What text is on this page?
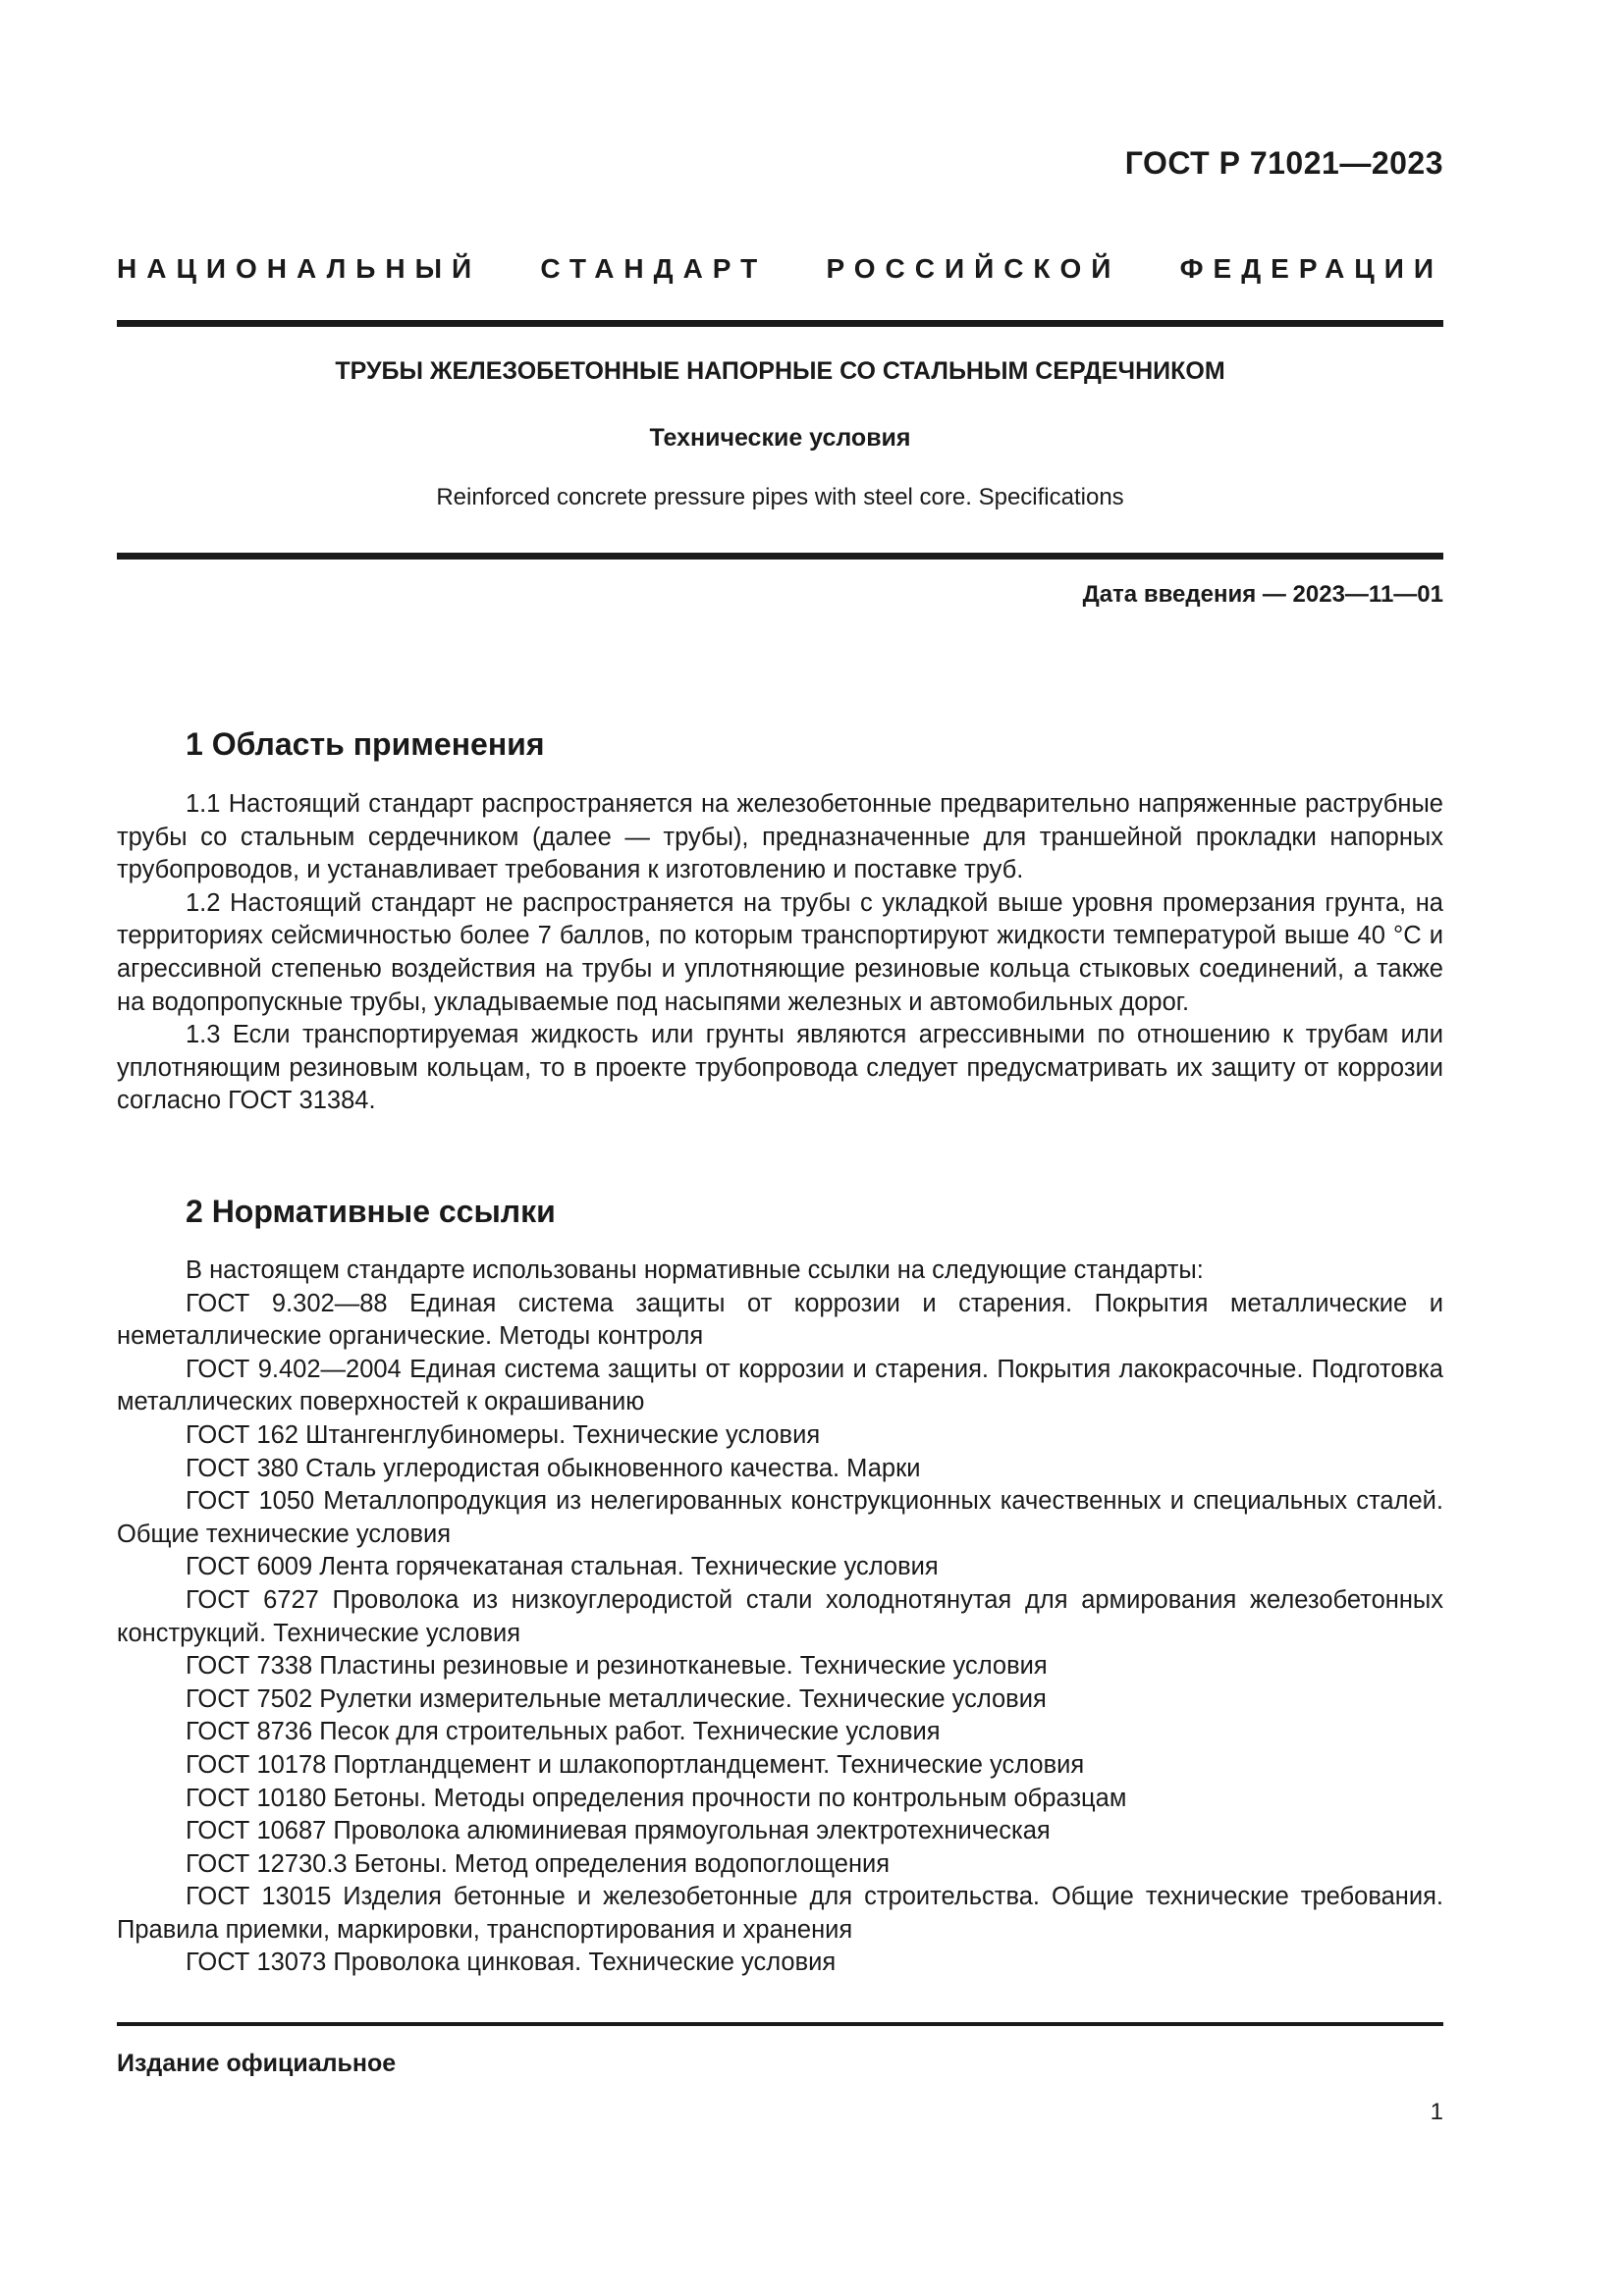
ГОСТ Р 71021—2023
НАЦИОНАЛЬНЫЙ СТАНДАРТ РОССИЙСКОЙ ФЕДЕРАЦИИ
ТРУБЫ ЖЕЛЕЗОБЕТОННЫЕ НАПОРНЫЕ СО СТАЛЬНЫМ СЕРДЕЧНИКОМ
Технические условия
Reinforced concrete pressure pipes with steel core. Specifications
Дата введения — 2023—11—01
1 Область применения

1.1 Настоящий стандарт распространяется на железобетонные предварительно напряженные раструбные трубы со стальным сердечником (далее — трубы), предназначенные для траншейной прокладки напорных трубопроводов, и устанавливает требования к изготовлению и поставке труб.

1.2 Настоящий стандарт не распространяется на трубы с укладкой выше уровня промерзания грунта, на территориях сейсмичностью более 7 баллов, по которым транспортируют жидкости температурой выше 40 °С и агрессивной степенью воздействия на трубы и уплотняющие резиновые кольца стыковых соединений, а также на водопропускные трубы, укладываемые под насыпями железных и автомобильных дорог.

1.3 Если транспортируемая жидкость или грунты являются агрессивными по отношению к трубам или уплотняющим резиновым кольцам, то в проекте трубопровода следует предусматривать их защиту от коррозии согласно ГОСТ 31384.

2 Нормативные ссылки

В настоящем стандарте использованы нормативные ссылки на следующие стандарты:

ГОСТ 9.302—88 Единая система защиты от коррозии и старения. Покрытия металлические и неметаллические органические. Методы контроля

ГОСТ 9.402—2004 Единая система защиты от коррозии и старения. Покрытия лакокрасочные. Подготовка металлических поверхностей к окрашиванию

ГОСТ 162 Штангенглубиномеры. Технические условия

ГОСТ 380 Сталь углеродистая обыкновенного качества. Марки

ГОСТ 1050 Металлопродукция из нелегированных конструкционных качественных и специальных сталей. Общие технические условия

ГОСТ 6009 Лента горячекатаная стальная. Технические условия

ГОСТ 6727 Проволока из низкоуглеродистой стали холоднотянутая для армирования железобетонных конструкций. Технические условия

ГОСТ 7338 Пластины резиновые и резинотканевые. Технические условия

ГОСТ 7502 Рулетки измерительные металлические. Технические условия

ГОСТ 8736 Песок для строительных работ. Технические условия

ГОСТ 10178 Портландцемент и шлакопортландцемент. Технические условия

ГОСТ 10180 Бетоны. Методы определения прочности по контрольным образцам

ГОСТ 10687 Проволока алюминиевая прямоугольная электротехническая

ГОСТ 12730.3 Бетоны. Метод определения водопоглощения

ГОСТ 13015 Изделия бетонные и железобетонные для строительства. Общие технические требования. Правила приемки, маркировки, транспортирования и хранения

ГОСТ 13073 Проволока цинковая. Технические условия

Издание официальное
1
